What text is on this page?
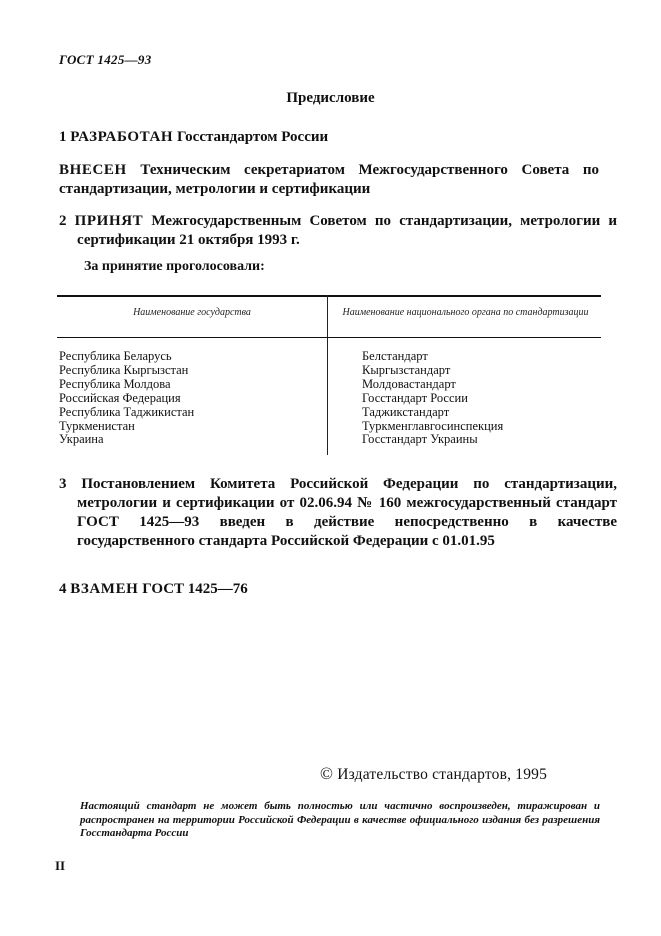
ГОСТ 1425—93
Предисловие

1 РАЗРАБОТАН Госстандартом России

ВНЕСЕН Техническим секретариатом Межгосударственного Совета по стандартизации, метрологии и сертификации

2 ПРИНЯТ Межгосударственным Советом по стандартизации, метрологии и сертификации 21 октября 1993 г.

За принятие проголосовали:
Наименование государства	Наименование национального органа по стандартизации
Республика Беларусь
Республика Кыргызстан
Республика Молдова
Российская Федерация
Республика Таджикистан
Туркменистан
Украина
Белстандарт
Кыргызстандарт
Молдовастандарт
Госстандарт России
Таджикстандарт
Туркменглавгосинспекция
Госстандарт Украины

3 Постановлением Комитета Российской Федерации по стандартизации, метрологии и сертификации от 02.06.94 № 160 межгосударственный стандарт ГОСТ 1425—93 введен в действие непосредственно в качестве государственного стандарта Российской Федерации с 01.01.95

4 ВЗАМЕН ГОСТ 1425—76

© Издательство стандартов, 1995

Настоящий стандарт не может быть полностью или частично воспроизведен, тиражирован и распространен на территории Российской Федерации в качестве официального издания без разрешения Госстандарта России

II
